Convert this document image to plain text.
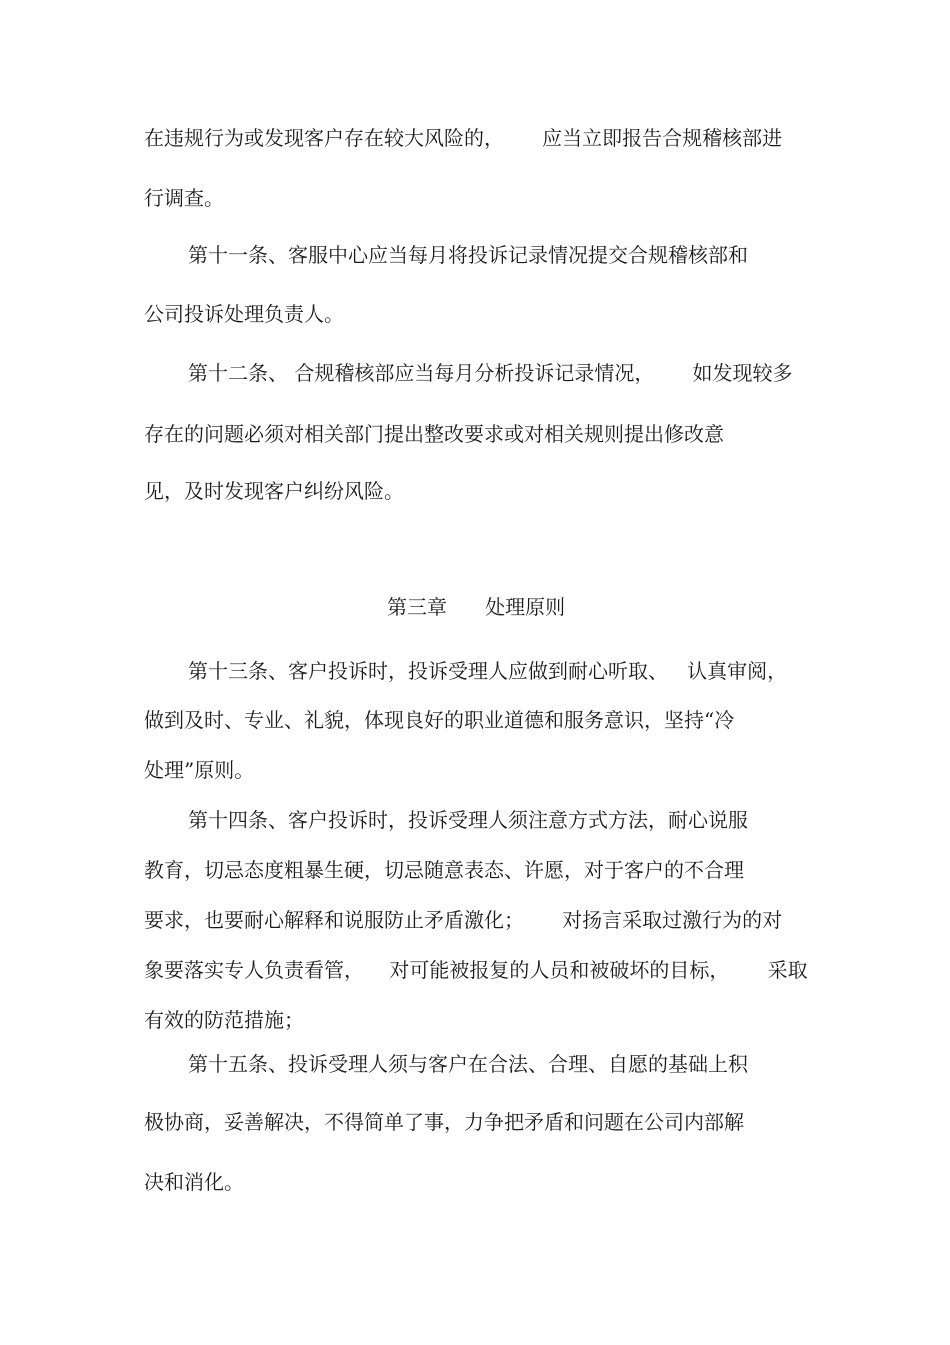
在违规行为或发现客户存在较大风险的，      应当立即报告合规稽核部进
行调查。
第十一条、客服中心应当每月将投诉记录情况提交合规稽核部和
公司投诉处理负责人。
第十二条、 合规稽核部应当每月分析投诉记录情况，      如发现较多
存在的问题必须对相关部门提出整改要求或对相关规则提出修改意
见，及时发现客户纠纷风险。
第三章      处理原则
第十三条、客户投诉时，投诉受理人应做到耐心听取、   认真审阅，
做到及时、专业、礼貌，体现良好的职业道德和服务意识，坚持“冷
处理”原则。
第十四条、客户投诉时，投诉受理人须注意方式方法，耐心说服
教育，切忌态度粗暴生硬，切忌随意表态、许愿，对于客户的不合理
要求，也要耐心解释和说服防止矛盾激化；      对扬言采取过激行为的对
象要落实专人负责看管，    对可能被报复的人员和被破坏的目标，      采取
有效的防范措施；
第十五条、投诉受理人须与客户在合法、合理、自愿的基础上积
极协商，妥善解决，不得简单了事，力争把矛盾和问题在公司内部解
决和消化。
